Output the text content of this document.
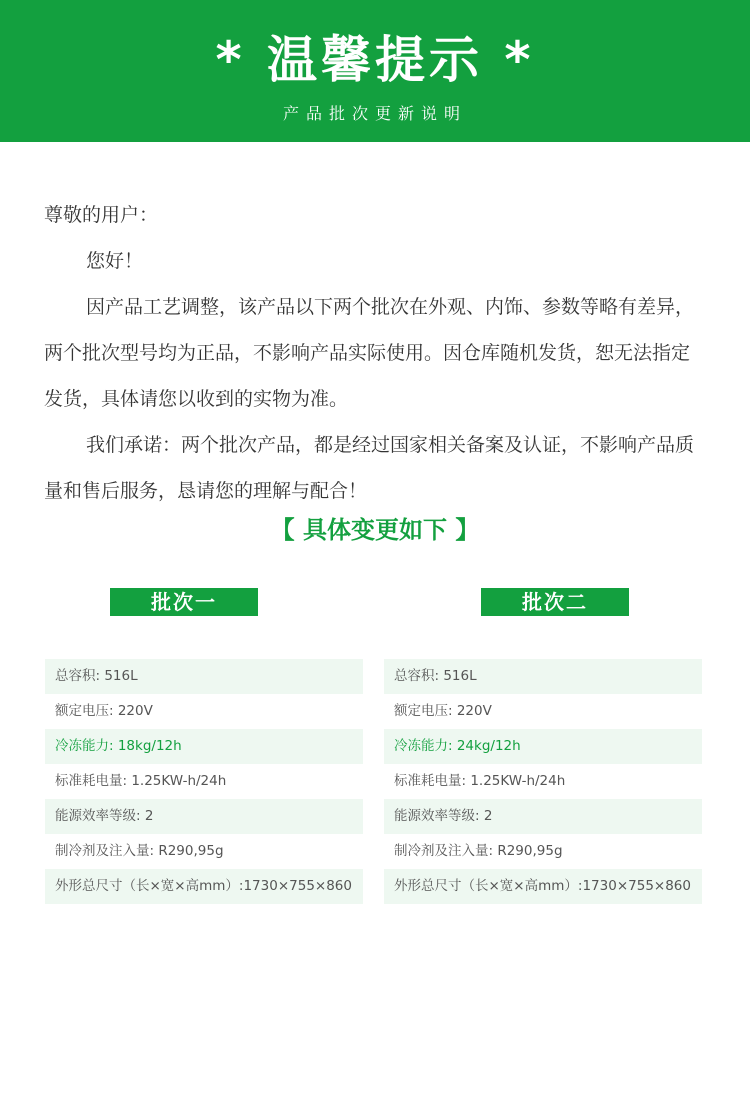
* 温馨提示 *
产品批次更新说明

尊敬的用户：

您好！

因产品工艺调整，该产品以下两个批次在外观、内饰、参数等略有差异，两个批次型号均为正品，不影响产品实际使用。因仓库随机发货，恕无法指定发货，具体请您以收到的实物为准。

我们承诺：两个批次产品，都是经过国家相关备案及认证，不影响产品质量和售后服务，恳请您的理解与配合！

【 具体变更如下 】
批次一	批次二
总容积: 516L
额定电压: 220V
冷冻能力: 18kg/12h
标准耗电量: 1.25KW-h/24h
能源效率等级: 2
制冷剂及注入量: R290,95g
外形总尺寸（长×宽×高mm）:1730×755×860
总容积: 516L
额定电压: 220V
冷冻能力: 24kg/12h
标准耗电量: 1.25KW-h/24h
能源效率等级: 2
制冷剂及注入量: R290,95g
外形总尺寸（长×宽×高mm）:1730×755×860
